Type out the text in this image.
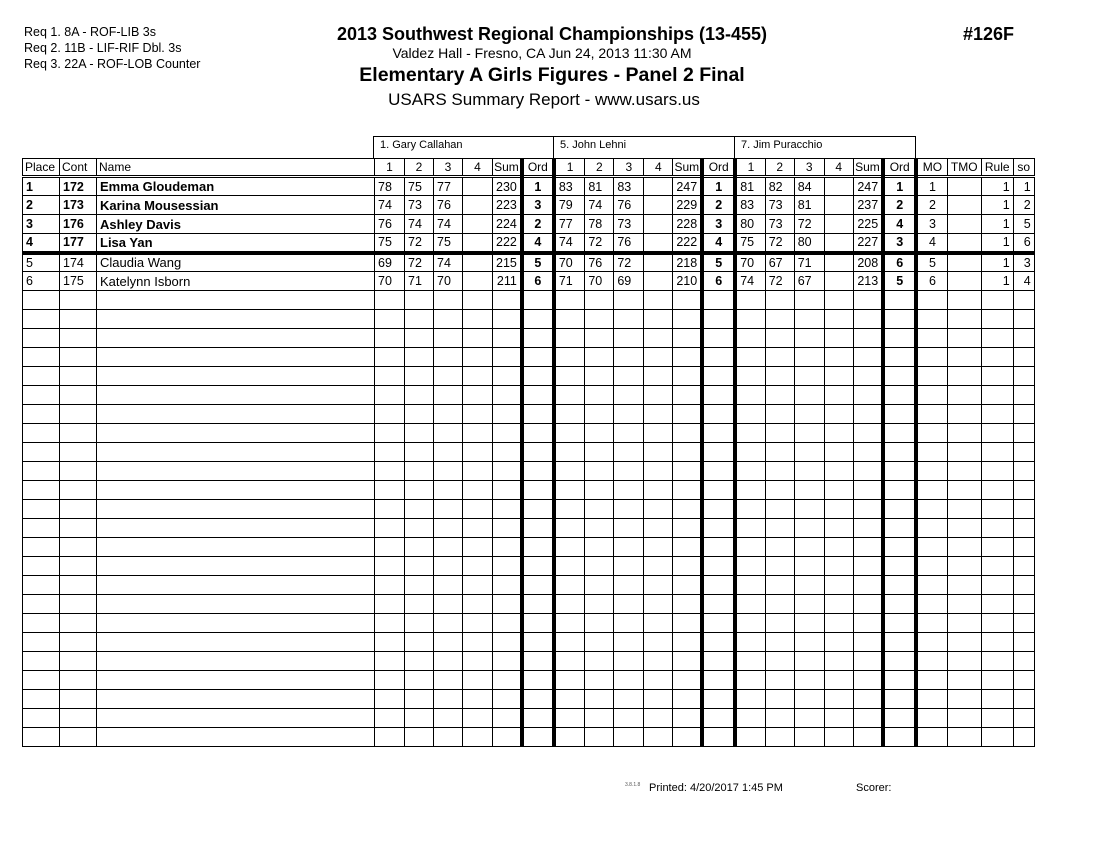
Req 1. 8A - ROF-LIB 3s
Req 2. 11B - LIF-RIF Dbl. 3s
Req 3. 22A - ROF-LOB Counter
2013 Southwest Regional Championships (13-455)
Valdez Hall - Fresno, CA Jun 24, 2013 11:30 AM
Elementary A Girls Figures - Panel 2 Final
USARS Summary Report - www.usars.us
#126F
1. Gary Callahan	5. John Lehni	7. Jim Puracchio
Place	Cont	Name	1	2	3	4	Sum	Ord	1	2	3	4	Sum	Ord	1	2	3	4	Sum	Ord	MO	TMO	Rule	so
1	172	Emma Gloudeman	78	75	77		230	1	83	81	83		247	1	81	82	84		247	1	1		1	1
2	173	Karina Mousessian	74	73	76		223	3	79	74	76		229	2	83	73	81		237	2	2		1	2
3	176	Ashley Davis	76	74	74		224	2	77	78	73		228	3	80	73	72		225	4	3		1	5
4	177	Lisa Yan	75	72	75		222	4	74	72	76		222	4	75	72	80		227	3	4		1	6
5	174	Claudia Wang	69	72	74		215	5	70	76	72		218	5	70	67	71		208	6	5		1	3
6	175	Katelynn Isborn	70	71	70		211	6	71	70	69		210	6	74	72	67		213	5	6		1	4

3.8.1.8 Printed: 4/20/2017 1:45 PM	Scorer:
